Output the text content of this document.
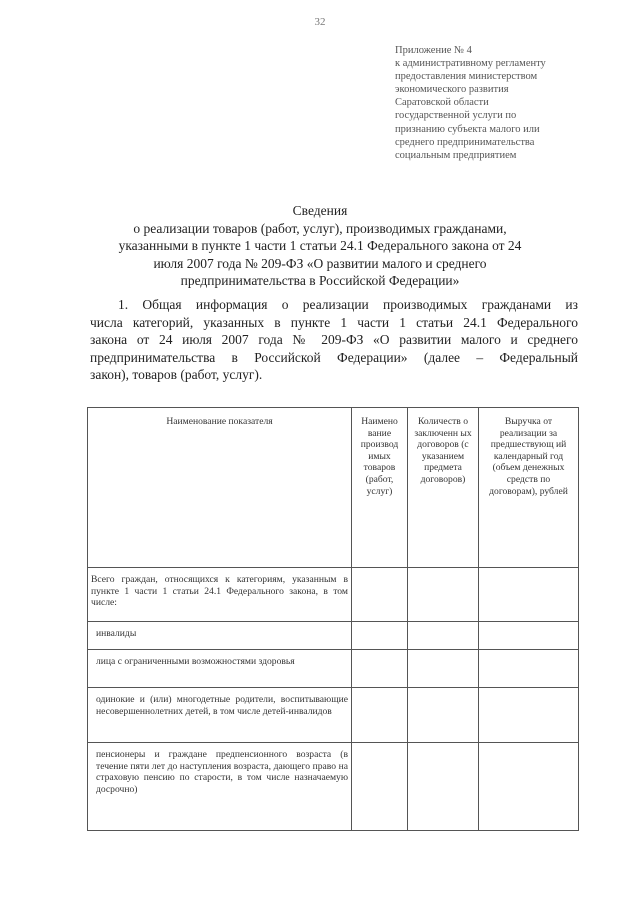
32
Приложение № 4
к административному регламенту
предоставления министерством
экономического развития
Саратовской области
государственной услуги по
признанию субъекта малого или
среднего предпринимательства
социальным предприятием
Сведения
о реализации товаров (работ, услуг), производимых гражданами,
указанными в пункте 1 части 1 статьи 24.1 Федерального закона от 24
июля 2007 года № 209-ФЗ «О развитии малого и среднего
предпринимательства в Российской Федерации»
1. Общая информация о реализации производимых гражданами из
числа категорий, указанных в пункте 1 части 1 статьи 24.1 Федерального
закона от 24 июля 2007 года № 209-ФЗ «О развитии малого и среднего
предпринимательства в Российской Федерации» (далее – Федеральный
закон), товаров (работ, услуг).
Наименование показателя	Наимено вание производ имых товаров (работ, услуг)	Количеств о заключенн ых договоров (с указанием предмета договоров)	Выручка от реализации за предшествующ ий календарный год (объем денежных средств по договорам), рублей
Всего граждан, относящихся к категориям, указанным в пункте 1 части 1 статьи 24.1 Федерального закона, в том числе:			
инвалиды			
лица с ограниченными возможностями здоровья			
одинокие и (или) многодетные родители, воспитывающие несовершеннолетних детей, в том числе детей-инвалидов			
пенсионеры и граждане предпенсионного возраста (в течение пяти лет до наступления возраста, дающего право на страховую пенсию по старости, в том числе назначаемую досрочно)			
